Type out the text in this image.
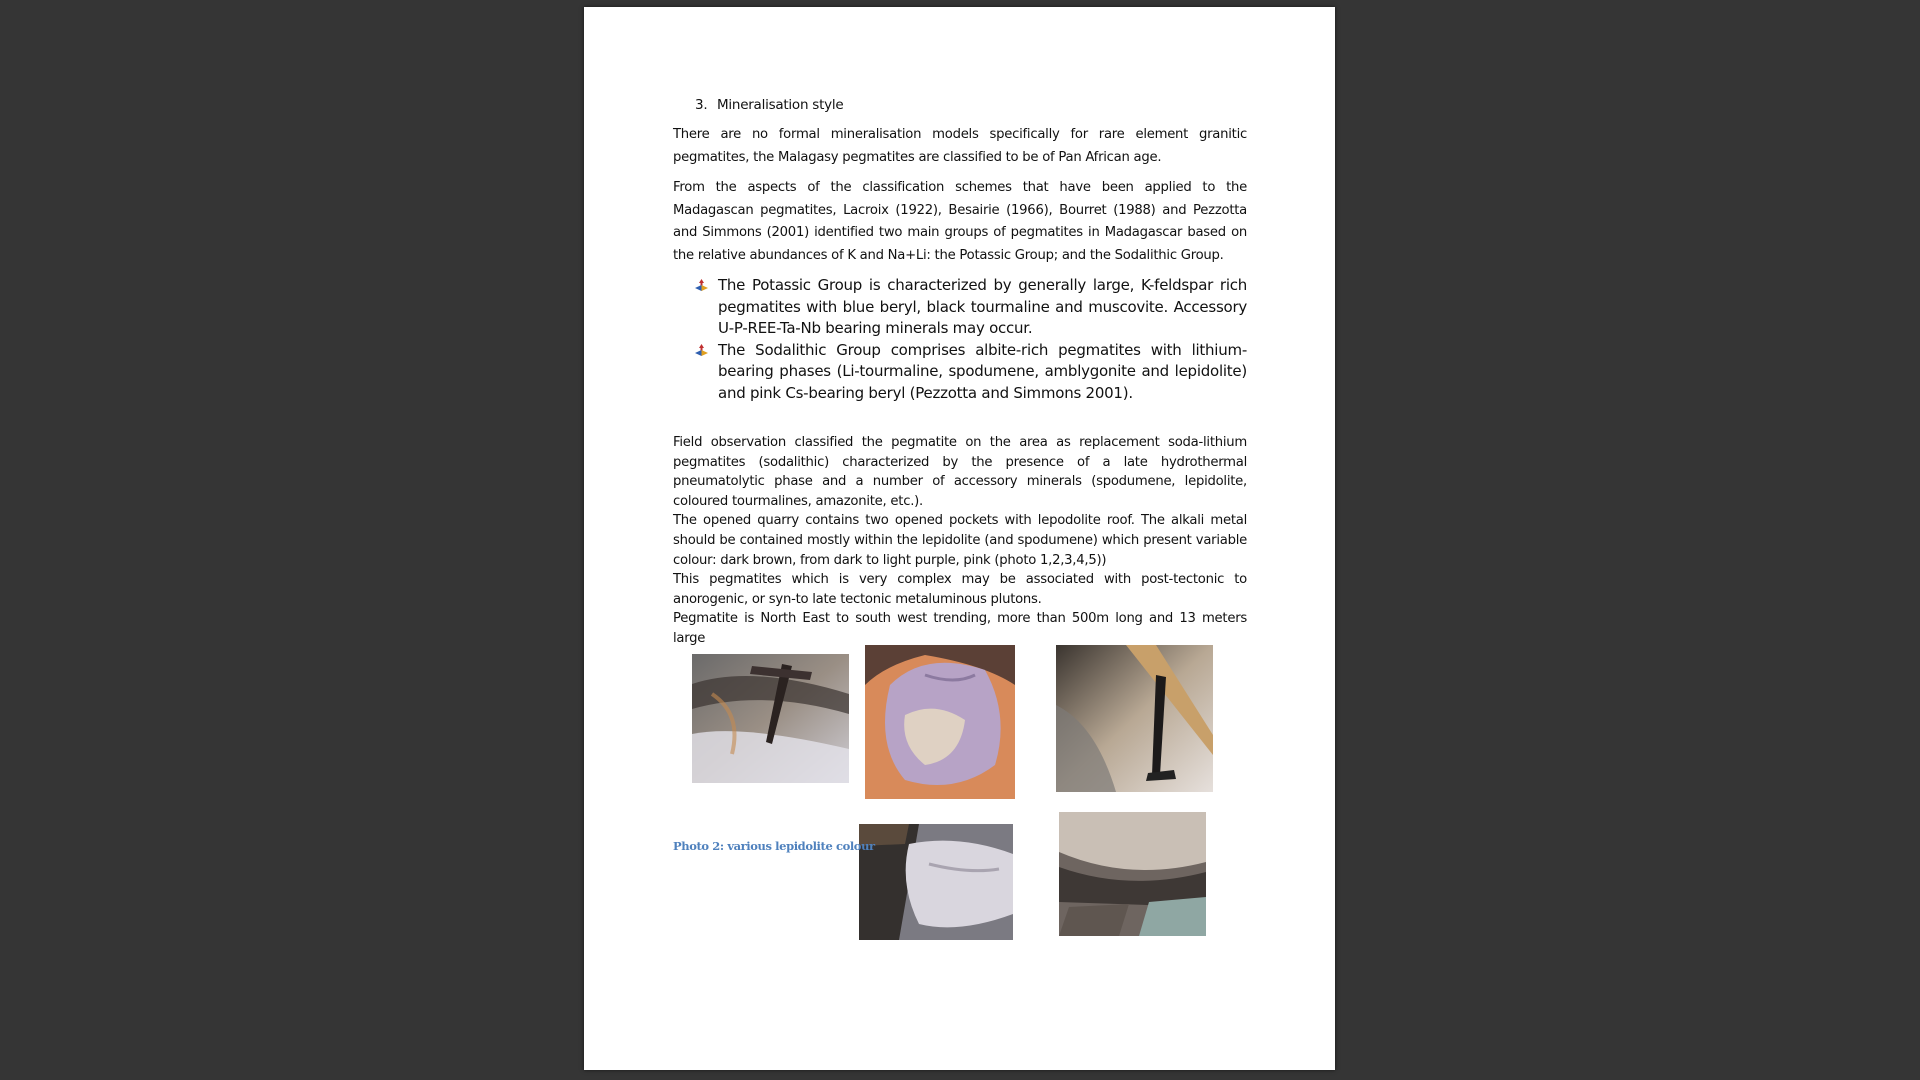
3. Mineralisation style

There are no formal mineralisation models specifically for rare element granitic pegmatites, the Malagasy pegmatites are classified to be of Pan African age.

From the aspects of the classification schemes that have been applied to the Madagascan pegmatites, Lacroix (1922), Besairie (1966), Bourret (1988) and Pezzotta and Simmons (2001) identified two main groups of pegmatites in Madagascar based on the relative abundances of K and Na+Li: the Potassic Group; and the Sodalithic Group.

The Potassic Group is characterized by generally large, K-feldspar rich pegmatites with blue beryl, black tourmaline and muscovite. Accessory U-P-REE-Ta-Nb bearing minerals may occur.
The Sodalithic Group comprises albite-rich pegmatites with lithium-bearing phases (Li-tourmaline, spodumene, amblygonite and lepidolite) and pink Cs-bearing beryl (Pezzotta and Simmons 2001).

Field observation classified the pegmatite on the area as replacement soda-lithium pegmatites (sodalithic) characterized by the presence of a late hydrothermal pneumatolytic phase and a number of accessory minerals (spodumene, lepidolite, coloured tourmalines, amazonite, etc.).

The opened quarry contains two opened pockets with lepodolite roof. The alkali metal should be contained mostly within the lepidolite (and spodumene) which present variable colour: dark brown, from dark to light purple, pink (photo 1,2,3,4,5))

This pegmatites which is very complex may be associated with post-tectonic to anorogenic, or syn-to late tectonic metaluminous plutons.

Pegmatite is North East to south west trending, more than 500m long and 13 meters large

Photo 2: various lepidolite colour
